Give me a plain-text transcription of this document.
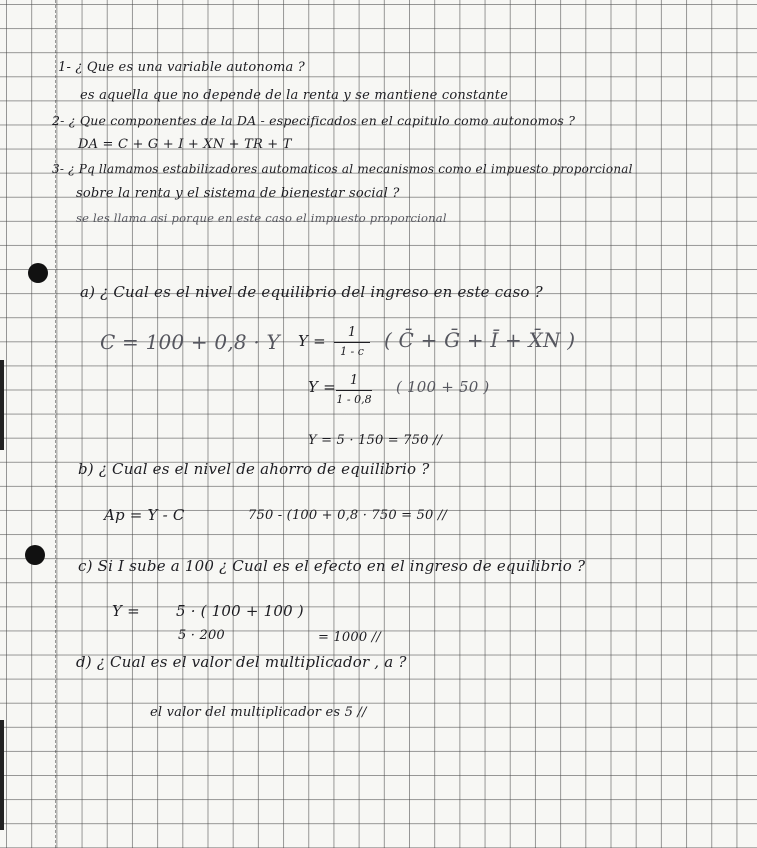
1- ¿ Que es una variable autonoma ?
es aquella que no depende de la renta y se mantiene constante
2- ¿ Que componentes de la DA - especificados en el capitulo como autonomos ?
DA = C + G + I + XN + TR + T
3- ¿ Pq llamamos estabilizadores automaticos al mecanismos como el impuesto proporcional
sobre la renta y el sistema de bienestar social ?
se les llama asi porque en este caso el impuesto proporcional
a) ¿ Cual es el nivel de equilibrio del ingreso en este caso ?
C = 100 + 0,8 · Y Y = 1
1 - c ( C̄ + Ḡ + Ī + X̄N )
Y = 1
1 - 0,8
( 100 + 50 )
Y = 5 · 150 = 750 //
b) ¿ Cual es el nivel de ahorro de equilibrio ?
Ap = Y - C	750 - (100 + 0,8 · 750 = 50 //
c) Si I sube a 100 ¿ Cual es el efecto en el ingreso de equilibrio ?
Y = 5 · ( 100 + 100 )
5 · 200	= 1000 //
d) ¿ Cual es el valor del multiplicador , a ?
el valor del multiplicador es 5 //
